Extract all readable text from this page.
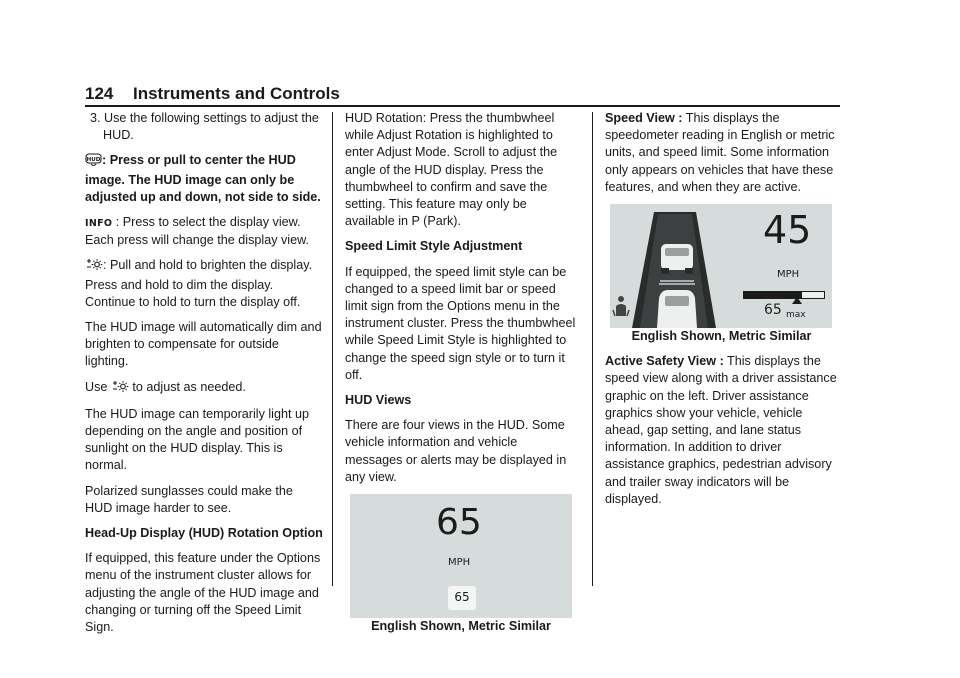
124 Instruments and Controls

3. Use the following settings to adjust the HUD.

HUD : Press or pull to center the HUD image. The HUD image can only be adjusted up and down, not side to side.

INFO : Press to select the display view. Each press will change the display view.

: Pull and hold to brighten the display. Press and hold to dim the display. Continue to hold to turn the display off.

The HUD image will automatically dim and brighten to compensate for outside lighting.

Use to adjust as needed.

The HUD image can temporarily light up depending on the angle and position of sunlight on the HUD display. This is normal.

Polarized sunglasses could make the HUD image harder to see.

Head-Up Display (HUD) Rotation Option

If equipped, this feature under the Options menu of the instrument cluster allows for adjusting the angle of the HUD image and changing or turning off the Speed Limit Sign.

HUD Rotation: Press the thumbwheel while Adjust Rotation is highlighted to enter Adjust Mode. Scroll to adjust the angle of the HUD display. Press the thumbwheel to confirm and save the setting. This feature may only be available in P (Park).

Speed Limit Style Adjustment

If equipped, the speed limit style can be changed to a speed limit bar or speed limit sign from the Options menu in the instrument cluster. Press the thumbwheel while Speed Limit Style is highlighted to change the speed sign style or to turn it off.

HUD Views

There are four views in the HUD. Some vehicle information and vehicle messages or alerts may be displayed in any view.

65
MPH
65

English Shown, Metric Similar

Speed View : This displays the speedometer reading in English or metric units, and speed limit. Some information only appears on vehicles that have these features, and when they are active.

45
MPH
65 max

English Shown, Metric Similar

Active Safety View : This displays the speed view along with a driver assistance graphic on the left. Driver assistance graphics show your vehicle, vehicle ahead, gap setting, and lane status information. In addition to driver assistance graphics, pedestrian advisory and trailer sway indicators will be displayed.
